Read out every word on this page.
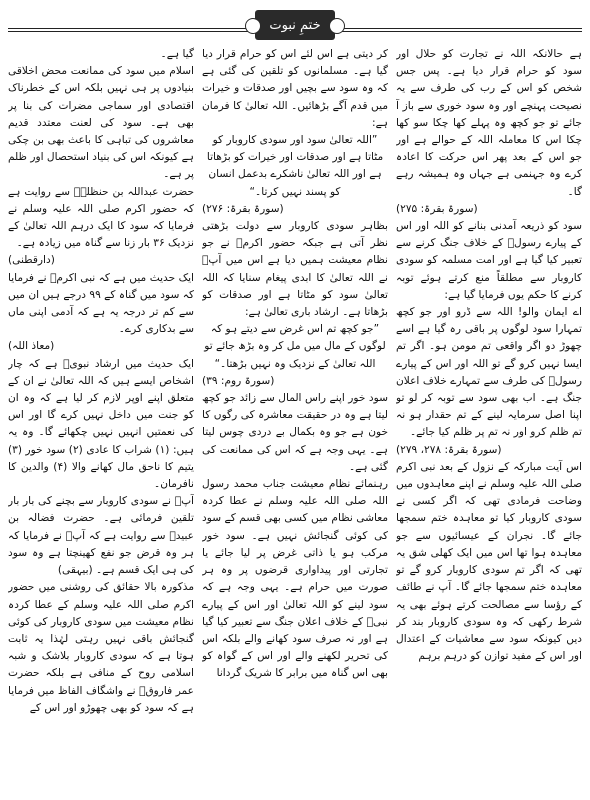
ختمِ نبوت

ہے حالانکہ اللہ نے تجارت کو حلال اور سود کو حرام قرار دیا ہے۔ پس جس شخص کو اس کے رب کی طرف سے یہ نصیحت پہنچے اور وہ سود خوری سے باز آ جائے تو جو کچھ وہ پہلے کھا چکا سو کھا چکا اس کا معاملہ اللہ کے حوالے ہے اور جو اس کے بعد پھر اس حرکت کا اعادہ کرے وہ جہنمی ہے جہاں وہ ہمیشہ رہے گا۔

(سورۃ بقرۃ: ۲۷۵)

سود کو ذریعہ آمدنی بنانے کو اللہ اور اس کے پیارے رسولؐ کے خلاف جنگ کرنے سے تعبیر کیا گیا ہے اور امت مسلمہ کو سودی کاروبار سے مطلقاً منع کرتے ہوئے توبہ کرنے کا حکم یوں فرمایا گیا ہے:

اے ایمان والو! اللہ سے ڈرو اور جو کچھ تمہارا سود لوگوں پر باقی رہ گیا ہے اسے چھوڑ دو اگر واقعی تم مومن ہو۔ اگر تم ایسا نہیں کرو گے تو اللہ اور اس کے پیارے رسولؐ کی طرف سے تمہارے خلاف اعلان جنگ ہے۔ اب بھی سود سے توبہ کر لو تو اپنا اصل سرمایہ لینے کے تم حقدار ہو نہ تم ظلم کرو اور نہ تم پر ظلم کیا جائے۔

(سورۃ بقرۃ: ۲۷۸، ۲۷۹)

اس آیت مبارکہ کے نزول کے بعد نبی اکرم صلی اللہ علیہ وسلم نے اپنے معاہدوں میں وضاحت فرمادی تھی کہ اگر کسی نے سودی کاروبار کیا تو معاہدہ ختم سمجھا جائے گا۔ نجران کے عیسائیوں سے جو معاہدہ ہوا تھا اس میں ایک کھلی شق یہ تھی کہ اگر تم سودی کاروبار کرو گے تو معاہدہ ختم سمجھا جائے گا۔ آپ نے طائف کے رؤسا سے مصالحت کرتے ہوئے بھی یہ شرط رکھی کہ وہ سودی کاروبار بند کر دیں کیونکہ سود سے معاشیات کے اعتدال اور اس کے مفید توازن کو درہم برہم

کر دیتی ہے اس لئے اس کو حرام قرار دیا گیا ہے۔ مسلمانوں کو تلقین کی گئی ہے کہ وہ سود سے بچیں اور صدقات و خیرات میں قدم آگے بڑھائیں۔ اللہ تعالیٰ کا فرمان ہے:

”اللہ تعالیٰ سود اور سودی کاروبار کو مٹاتا ہے اور صدقات اور خیرات کو بڑھاتا ہے اور اللہ تعالیٰ ناشکرے بدعمل انسان کو پسند نہیں کرتا۔“

(سورۃ بقرۃ: ۲۷۶)

بظاہر سودی کاروبار سے دولت بڑھتی نظر آتی ہے جبکہ حضور اکرمؐ نے جو نظام معیشت ہمیں دیا ہے اس میں آپؐ نے اللہ تعالیٰ کا ابدی پیغام سنایا کہ اللہ تعالیٰ سود کو مٹاتا ہے اور صدقات کو بڑھاتا ہے۔ ارشاد باری تعالیٰ ہے:

”جو کچھ تم اس غرض سے دیتے ہو کہ لوگوں کے مال میں مل کر وہ بڑھ جائے تو اللہ تعالیٰ کے نزدیک وہ نہیں بڑھتا۔“

(سورۃ روم: ۳۹)

سود خور اپنے راس المال سے زائد جو کچھ لیتا ہے وہ در حقیقت معاشرہ کی رگوں کا خون ہے جو وہ بکمال بے دردی چوس لیتا ہے۔ یہی وجہ ہے کہ اس کی ممانعت کی گئی ہے۔

رہنمائے نظام معیشت جناب محمد رسول اللہ صلی اللہ علیہ وسلم نے عطا کردہ معاشی نظام میں کسی بھی قسم کے سود کی کوئی گنجائش نہیں ہے۔ سود خور مرکب ہو یا ذاتی غرض پر لیا جائے یا تجارتی اور پیداواری قرضوں پر وہ ہر صورت میں حرام ہے۔ یہی وجہ ہے کہ سود لینے کو اللہ تعالیٰ اور اس کے پیارے نبیؐ کے خلاف اعلان جنگ سے تعبیر کیا گیا ہے اور نہ صرف سود کھانے والے بلکہ اس کی تحریر لکھنے والے اور اس کے گواہ کو بھی اس گناہ میں برابر کا شریک گردانا

گیا ہے۔

اسلام میں سود کی ممانعت محض اخلاقی بنیادوں پر ہی نہیں بلکہ اس کے خطرناک اقتصادی اور سماجی مضرات کی بنا پر بھی ہے۔ سود کی لعنت معتدد قدیم معاشروں کی تباہی کا باعث بھی بن چکی ہے کیونکہ اس کی بنیاد استحصال اور ظلم پر ہے۔

حضرت عبداللہ بن حنظلہؓ سے روایت ہے کہ حضور اکرم صلی اللہ علیہ وسلم نے فرمایا کہ سود کا ایک درہم اللہ تعالیٰ کے نزدیک ۳۶ بار زنا سے گناہ میں زیادہ ہے۔

(دارقطنی)

ایک حدیث میں ہے کہ نبی اکرمؐ نے فرمایا کہ سود میں گناہ کے ۹۹ درجے ہیں ان میں سے کم تر درجہ یہ ہے کہ آدمی اپنی ماں سے بدکاری کرے۔

(معاذ اللہ)

ایک حدیث میں ارشاد نبویؐ ہے کہ چار اشخاص ایسے ہیں کہ اللہ تعالیٰ نے ان کے متعلق اپنے اوپر لازم کر لیا ہے کہ وہ ان کو جنت میں داخل نہیں کرے گا اور اس کی نعمتیں انہیں نہیں چکھائے گا۔ وہ یہ ہیں: (۱) شراب کا عادی (۲) سود خور (۳) یتیم کا ناحق مال کھانے والا (۴) والدین کا نافرمان۔

آپؐ نے سودی کاروبار سے بچنے کی بار بار تلقین فرمائی ہے۔ حضرت فضالہ بن عبیدؓ سے روایت ہے کہ آپؐ نے فرمایا کہ ہر وہ قرض جو نفع کھینچتا ہے وہ سود کی ہی ایک قسم ہے۔ (بیہقی)

مذکورہ بالا حقائق کی روشنی میں حضور اکرم صلی اللہ علیہ وسلم کے عطا کردہ نظام معیشت میں سودی کاروبار کی کوئی گنجائش باقی نہیں رہتی لہٰذا یہ ثابت ہوتا ہے کہ سودی کاروبار بلاشک و شبہ اسلامی روح کے منافی ہے بلکہ حضرت عمر فاروقؓ نے واشگاف الفاظ میں فرمایا ہے کہ سود کو بھی چھوڑو اور اس کے
